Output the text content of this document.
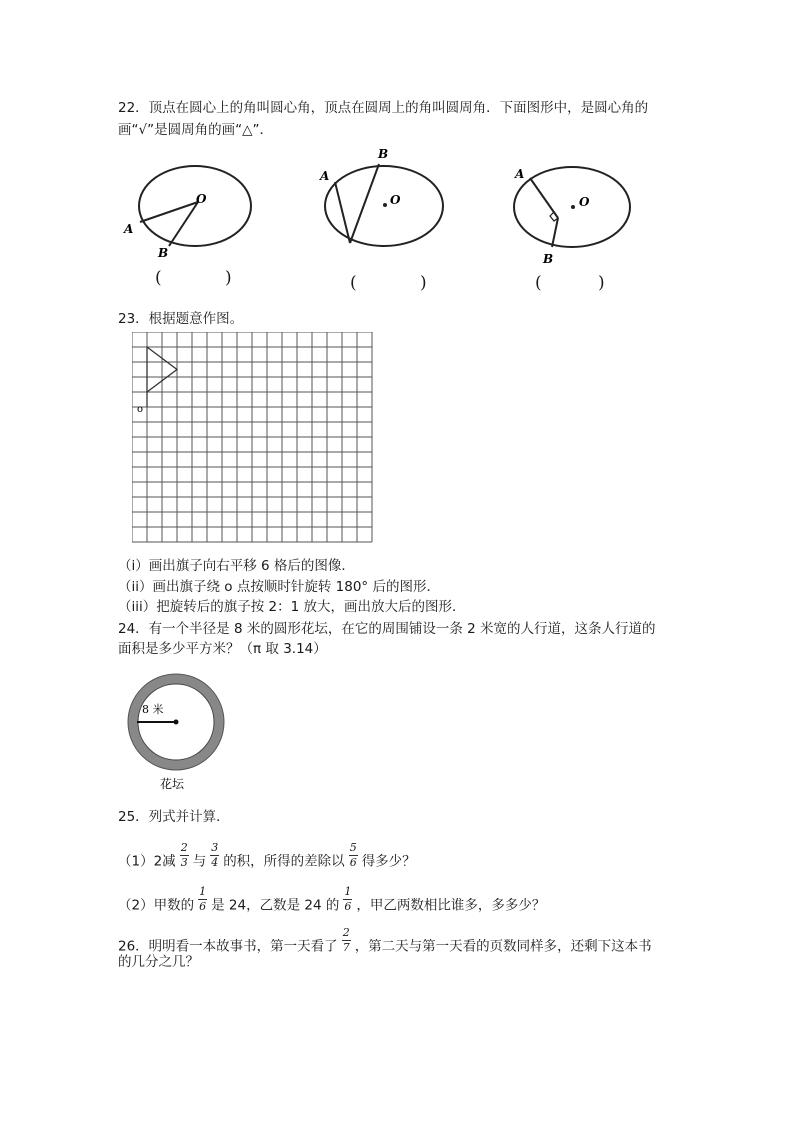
22．顶点在圆心上的角叫圆心角，顶点在圆周上的角叫圆周角．下面图形中，是圆心角的
画“√”是圆周角的画“△”．
O
A
B
O
A
B
O
A
B
(	)	(	)	(	)
23．根据题意作图。
o
（i）画出旗子向右平移 6 格后的图像．
（ii）画出旗子绕 o 点按顺时针旋转 180° 后的图形．
（iii）把旋转后的旗子按 2：1 放大，画出放大后的图形．
24．有一个半径是 8 米的圆形花坛，在它的周围铺设一条 2 米宽的人行道，这条人行道的
面积是多少平方米？（π 取 3.14）
8 米
花坛
25．列式并计算．
（1）2减 $\frac{2}{3}$ 与 $\frac{3}{4}$ 的积，所得的差除以 $\frac{5}{6}$ 得多少？
（2）甲数的 $\frac{1}{6}$ 是 24，乙数是 24 的 $\frac{1}{6}$ ，甲乙两数相比谁多，多多少？
26．明明看一本故事书，第一天看了 $\frac{2}{7}$ ，第二天与第一天看的页数同样多，还剩下这本书
的几分之几？
